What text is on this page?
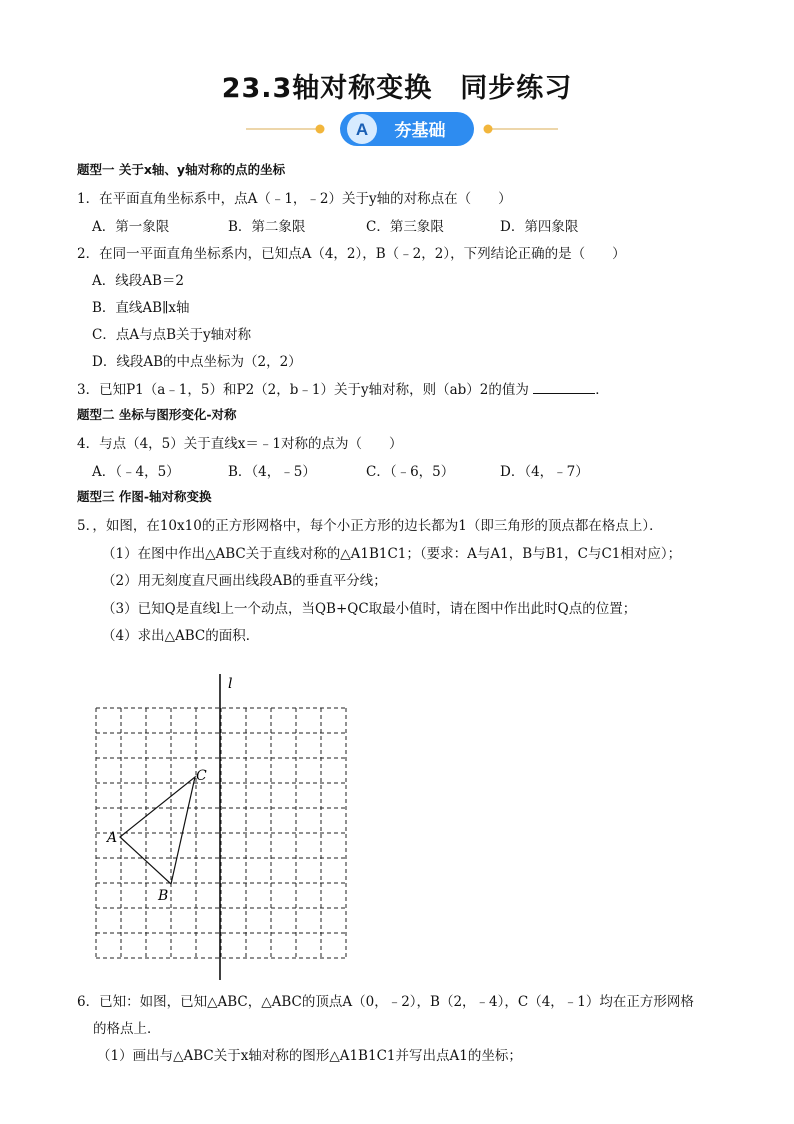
23.3轴对称变换　同步练习
A 夯基础
题型一 关于x轴、y轴对称的点的坐标
1．在平面直角坐标系中，点A（﹣1，﹣2）关于y轴的对称点在（　　）
A．第一象限	B．第二象限	C．第三象限	D．第四象限
2．在同一平面直角坐标系内，已知点A（4，2），B（﹣2，2），下列结论正确的是（　　）
A．线段AB＝2
B．直线AB∥x轴
C．点A与点B关于y轴对称
D．线段AB的中点坐标为（2，2）
3．已知P1（a﹣1，5）和P2（2，b﹣1）关于y轴对称，则（ab）2的值为	．
题型二 坐标与图形变化-对称
4．与点（4，5）关于直线x＝﹣1对称的点为（　　）
A．（﹣4，5）	B．（4，﹣5）	C．（﹣6，5）	D．（4，﹣7）
题型三 作图-轴对称变换
5．，如图，在10x10的正方形网格中，每个小正方形的边长都为1（即三角形的顶点都在格点上）．
（1）在图中作出△ABC关于直线对称的△A1B1C1；（要求：A与A1，B与B1，C与C1相对应）；
（2）用无刻度直尺画出线段AB的垂直平分线；
（3）已知Q是直线l上一个动点，当QB+QC取最小值时，请在图中作出此时Q点的位置；
（4）求出△ABC的面积．
l
A
B
C
6．已知：如图，已知△ABC，△ABC的顶点A（0，﹣2），B（2，﹣4），C（4，﹣1）均在正方形网格
的格点上．
（1）画出与△ABC关于x轴对称的图形△A1B1C1并写出点A1的坐标；
